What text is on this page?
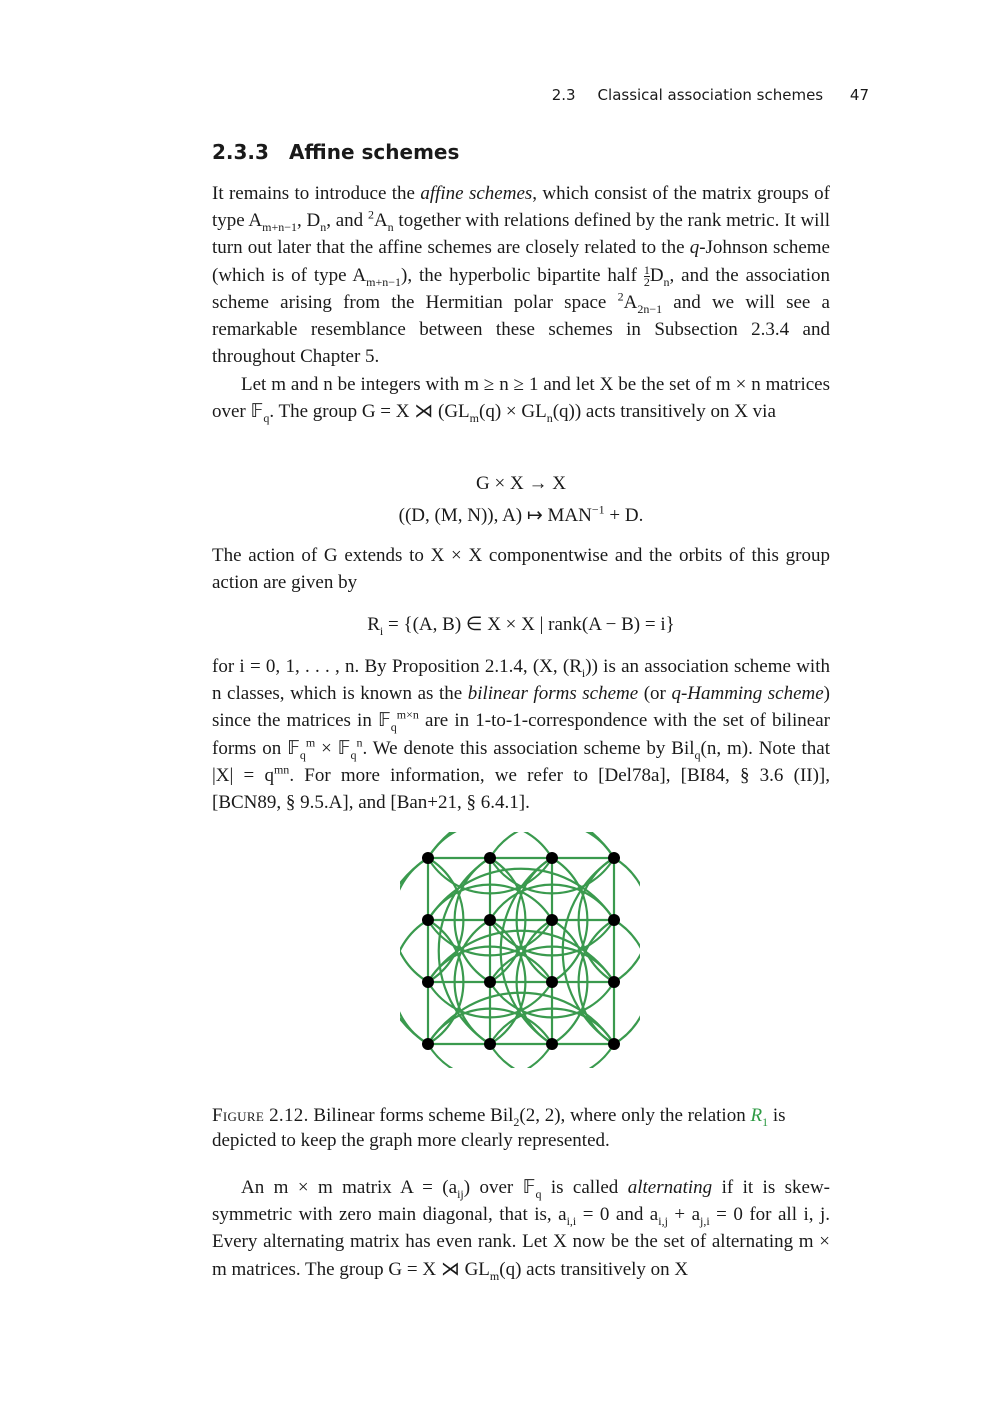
2.3 Classical association schemes 47
2.3.3 Affine schemes

It remains to introduce the affine schemes, which consist of the matrix groups of type $A_{m+n-1}$, $D_n$, and $^2A_n$ together with relations defined by the rank metric. It will turn out later that the affine schemes are closely related to the q-Johnson scheme (which is of type $A_{m+n-1}$), the hyperbolic bipartite half $\frac{1}{2} D_n$, and the association scheme arising from the Hermitian polar space $^2A_{2n-1}$ and we will see a remarkable resemblance between these schemes in Subsection 2.3.4 and throughout Chapter 5.

Let m and n be integers with m ≥ n ≥ 1 and let X be the set of m × n matrices over 𝔽$_q$. The group G = X ⋊ $(GL_m(q) \times GL_n(q))$ acts transitively on X via

G × X → X
((D, (M, N)), A) ↦ $MAN^{-1} + D$.

The action of G extends to X × X componentwise and the orbits of this group action are given by

$R_i = \{(A$, B) ∈ X × X | rank(A − B) = i}

for i = 0, 1, . . . , n. By Proposition 2.1.4, (X, $(R_i)$) is an association scheme with n classes, which is known as the bilinear forms scheme (or q-Hamming scheme) since the matrices in 𝔽$_q^{m\times n}$ are in 1-to-1-correspondence with the set of bilinear forms on 𝔽$_q^m$ × 𝔽$_q^n$. We denote this association scheme by Bil$_q$(n, m). Note that $|X| = q^{mn}$. For more information, we refer to [Del78a], [BI84, § 3.6 (II)], [BCN89, § 9.5.A], and [Ban+21, § 6.4.1].

Figure 2.12. Bilinear forms scheme Bil$_2$(2, 2), where only the relation $R_1$ is depicted to keep the graph more clearly represented.

An m × m matrix $A = (a_{ij})$ over 𝔽$_q$ is called alternating if it is skew-symmetric with zero main diagonal, that is, $a_{i,i} = 0$ and $a_{i,j} + a_{j,i} = 0$ for all i, j. Every alternating matrix has even rank. Let X now be the set of alternating m × m matrices. The group G = X ⋊ $GL_m(q)$ acts transitively on X
